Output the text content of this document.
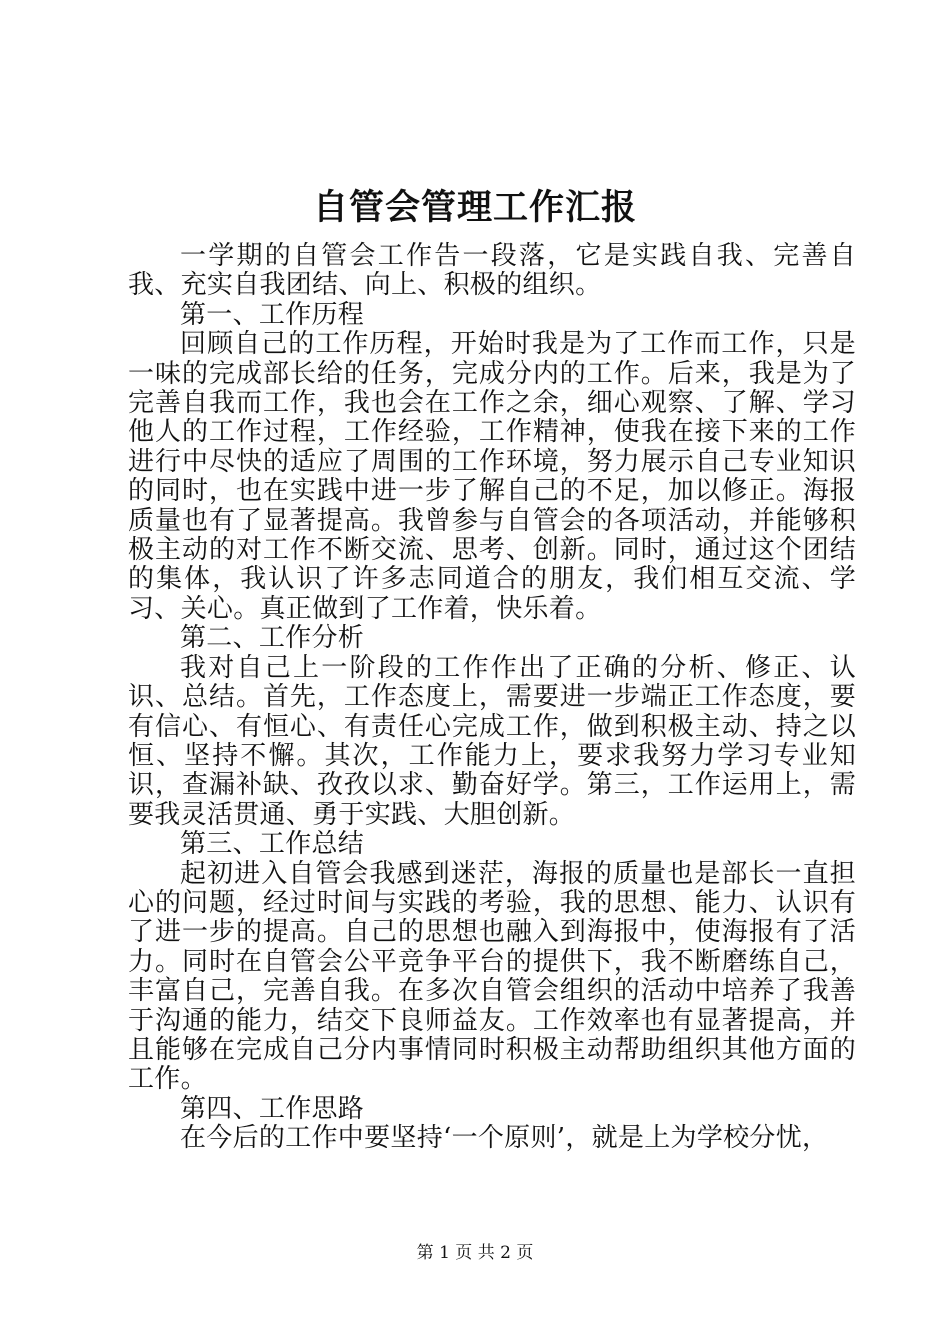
自管会管理工作汇报

一学期的自管会工作告一段落，它是实践自我、完善自我、充实自我团结、向上、积极的组织。

第一、工作历程

回顾自己的工作历程，开始时我是为了工作而工作，只是一味的完成部长给的任务，完成分内的工作。后来，我是为了完善自我而工作，我也会在工作之余，细心观察、了解、学习他人的工作过程，工作经验，工作精神，使我在接下来的工作进行中尽快的适应了周围的工作环境，努力展示自己专业知识的同时，也在实践中进一步了解自己的不足，加以修正。海报质量也有了显著提高。我曾参与自管会的各项活动，并能够积极主动的对工作不断交流、思考、创新。同时，通过这个团结的集体，我认识了许多志同道合的朋友，我们相互交流、学习、关心。真正做到了工作着，快乐着。

第二、工作分析

我对自己上一阶段的工作作出了正确的分析、修正、认识、总结。首先，工作态度上，需要进一步端正工作态度，要有信心、有恒心、有责任心完成工作，做到积极主动、持之以恒、坚持不懈。其次，工作能力上，要求我努力学习专业知识，查漏补缺、孜孜以求、勤奋好学。第三，工作运用上，需要我灵活贯通、勇于实践、大胆创新。

第三、工作总结

起初进入自管会我感到迷茫，海报的质量也是部长一直担心的问题，经过时间与实践的考验，我的思想、能力、认识有了进一步的提高。自己的思想也融入到海报中，使海报有了活力。同时在自管会公平竞争平台的提供下，我不断磨练自己，丰富自己，完善自我。在多次自管会组织的活动中培养了我善于沟通的能力，结交下良师益友。工作效率也有显著提高，并且能够在完成自己分内事情同时积极主动帮助组织其他方面的工作。

第四、工作思路

在今后的工作中要坚持‘一个原则’，就是上为学校分忧，

第 1 页 共 2 页
